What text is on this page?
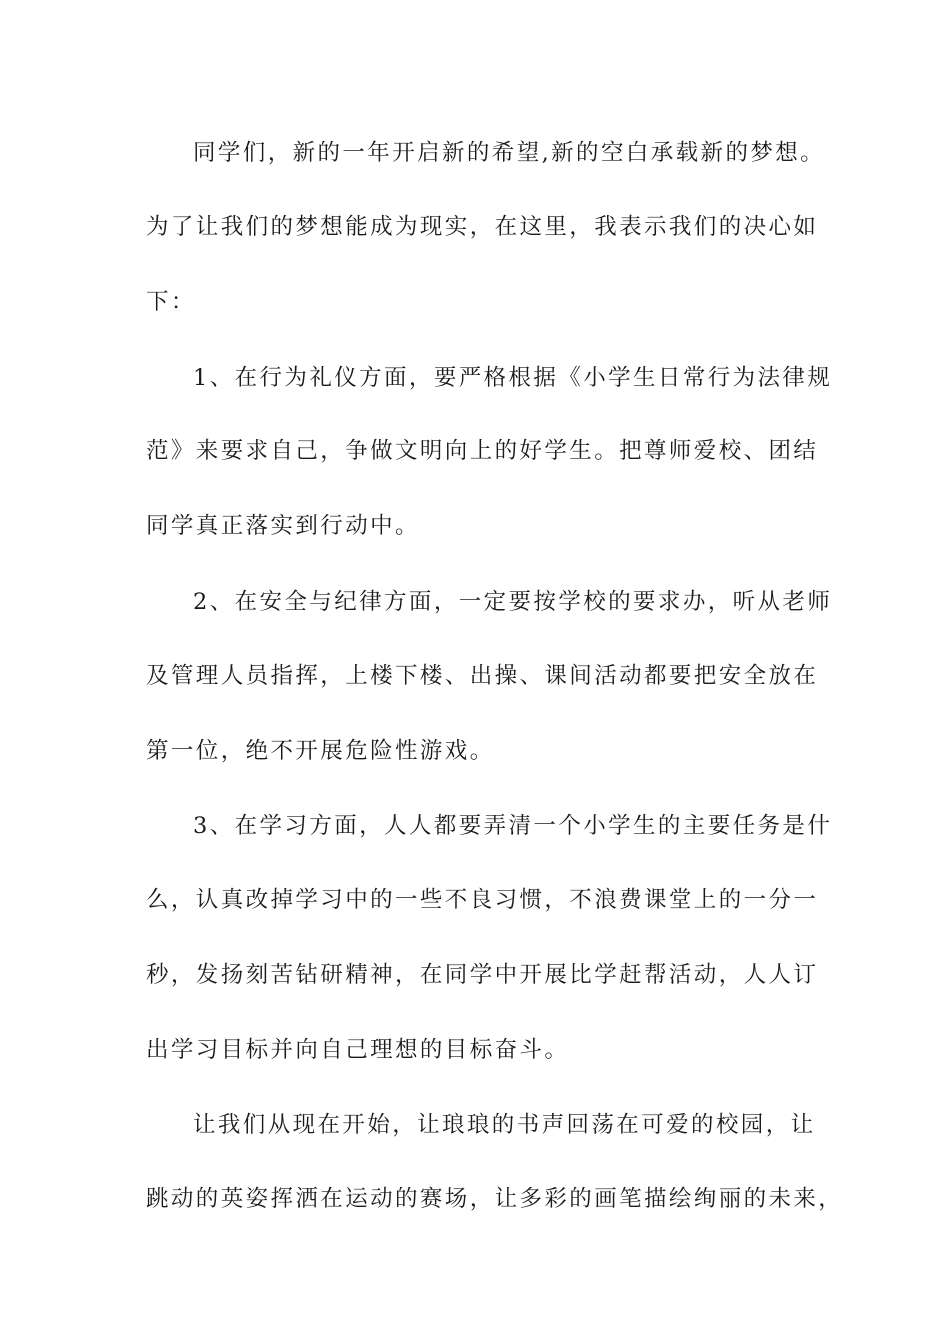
同学们，新的一年开启新的希望,新的空白承载新的梦想。
为了让我们的梦想能成为现实，在这里，我表示我们的决心如
下：
1、在行为礼仪方面，要严格根据《小学生日常行为法律规
范》来要求自己，争做文明向上的好学生。把尊师爱校、团结
同学真正落实到行动中。
2、在安全与纪律方面，一定要按学校的要求办，听从老师
及管理人员指挥，上楼下楼、出操、课间活动都要把安全放在
第一位，绝不开展危险性游戏。
3、在学习方面，人人都要弄清一个小学生的主要任务是什
么，认真改掉学习中的一些不良习惯，不浪费课堂上的一分一
秒，发扬刻苦钻研精神，在同学中开展比学赶帮活动，人人订
出学习目标并向自己理想的目标奋斗。
让我们从现在开始，让琅琅的书声回荡在可爱的校园，让
跳动的英姿挥洒在运动的赛场，让多彩的画笔描绘绚丽的未来，
